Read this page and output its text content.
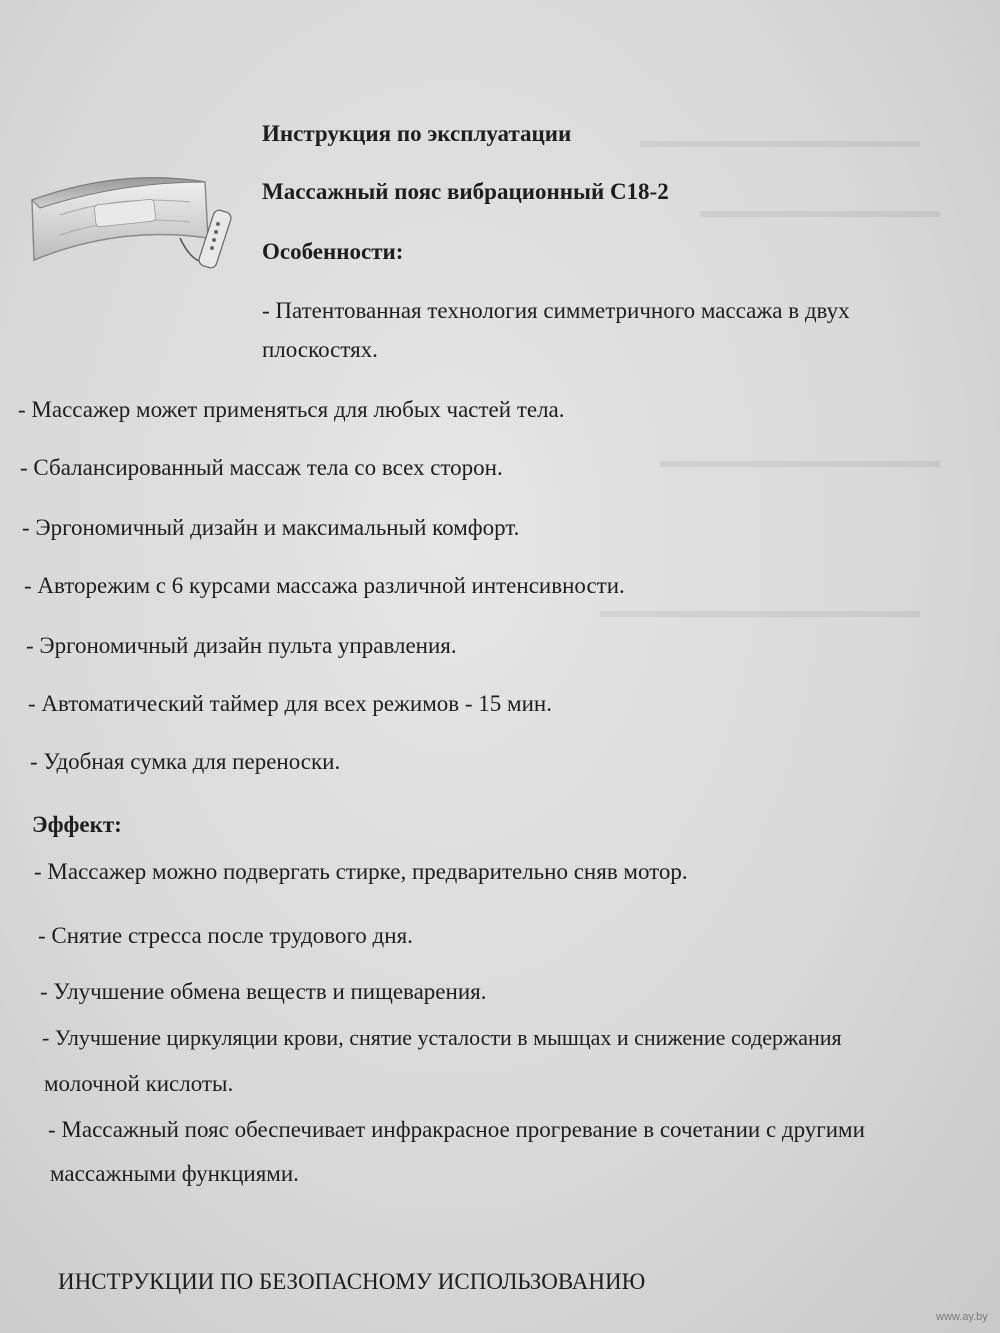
▬▬▬▬▬▬▬▬▬▬▬▬▬▬
▬▬▬▬▬▬▬▬▬▬▬▬
▬▬▬▬▬▬▬▬▬▬▬▬▬▬
▬▬▬▬▬▬▬▬▬▬▬▬▬▬▬▬
Инструкция по эксплуатации
Массажный пояс вибрационный С18-2
Особенности:
- Патентованная технология симметричного массажа в двух
плоскостях.
- Массажер может применяться для любых частей тела.
- Сбалансированный массаж тела со всех сторон.
- Эргономичный дизайн и максимальный комфорт.
- Авторежим с 6 курсами массажа различной интенсивности.
- Эргономичный дизайн пульта управления.
- Автоматический таймер для всех режимов - 15 мин.
- Удобная сумка для переноски.
Эффект:
- Массажер можно подвергать стирке, предварительно сняв мотор.
- Снятие стресса после трудового дня.
- Улучшение обмена веществ и пищеварения.
- Улучшение циркуляции крови, снятие усталости в мышцах и снижение содержания
молочной кислоты.
- Массажный пояс обеспечивает инфракрасное прогревание в сочетании с другими
массажными функциями.
ИНСТРУКЦИИ ПО БЕЗОПАСНОМУ ИСПОЛЬЗОВАНИЮ
www.ay.by
